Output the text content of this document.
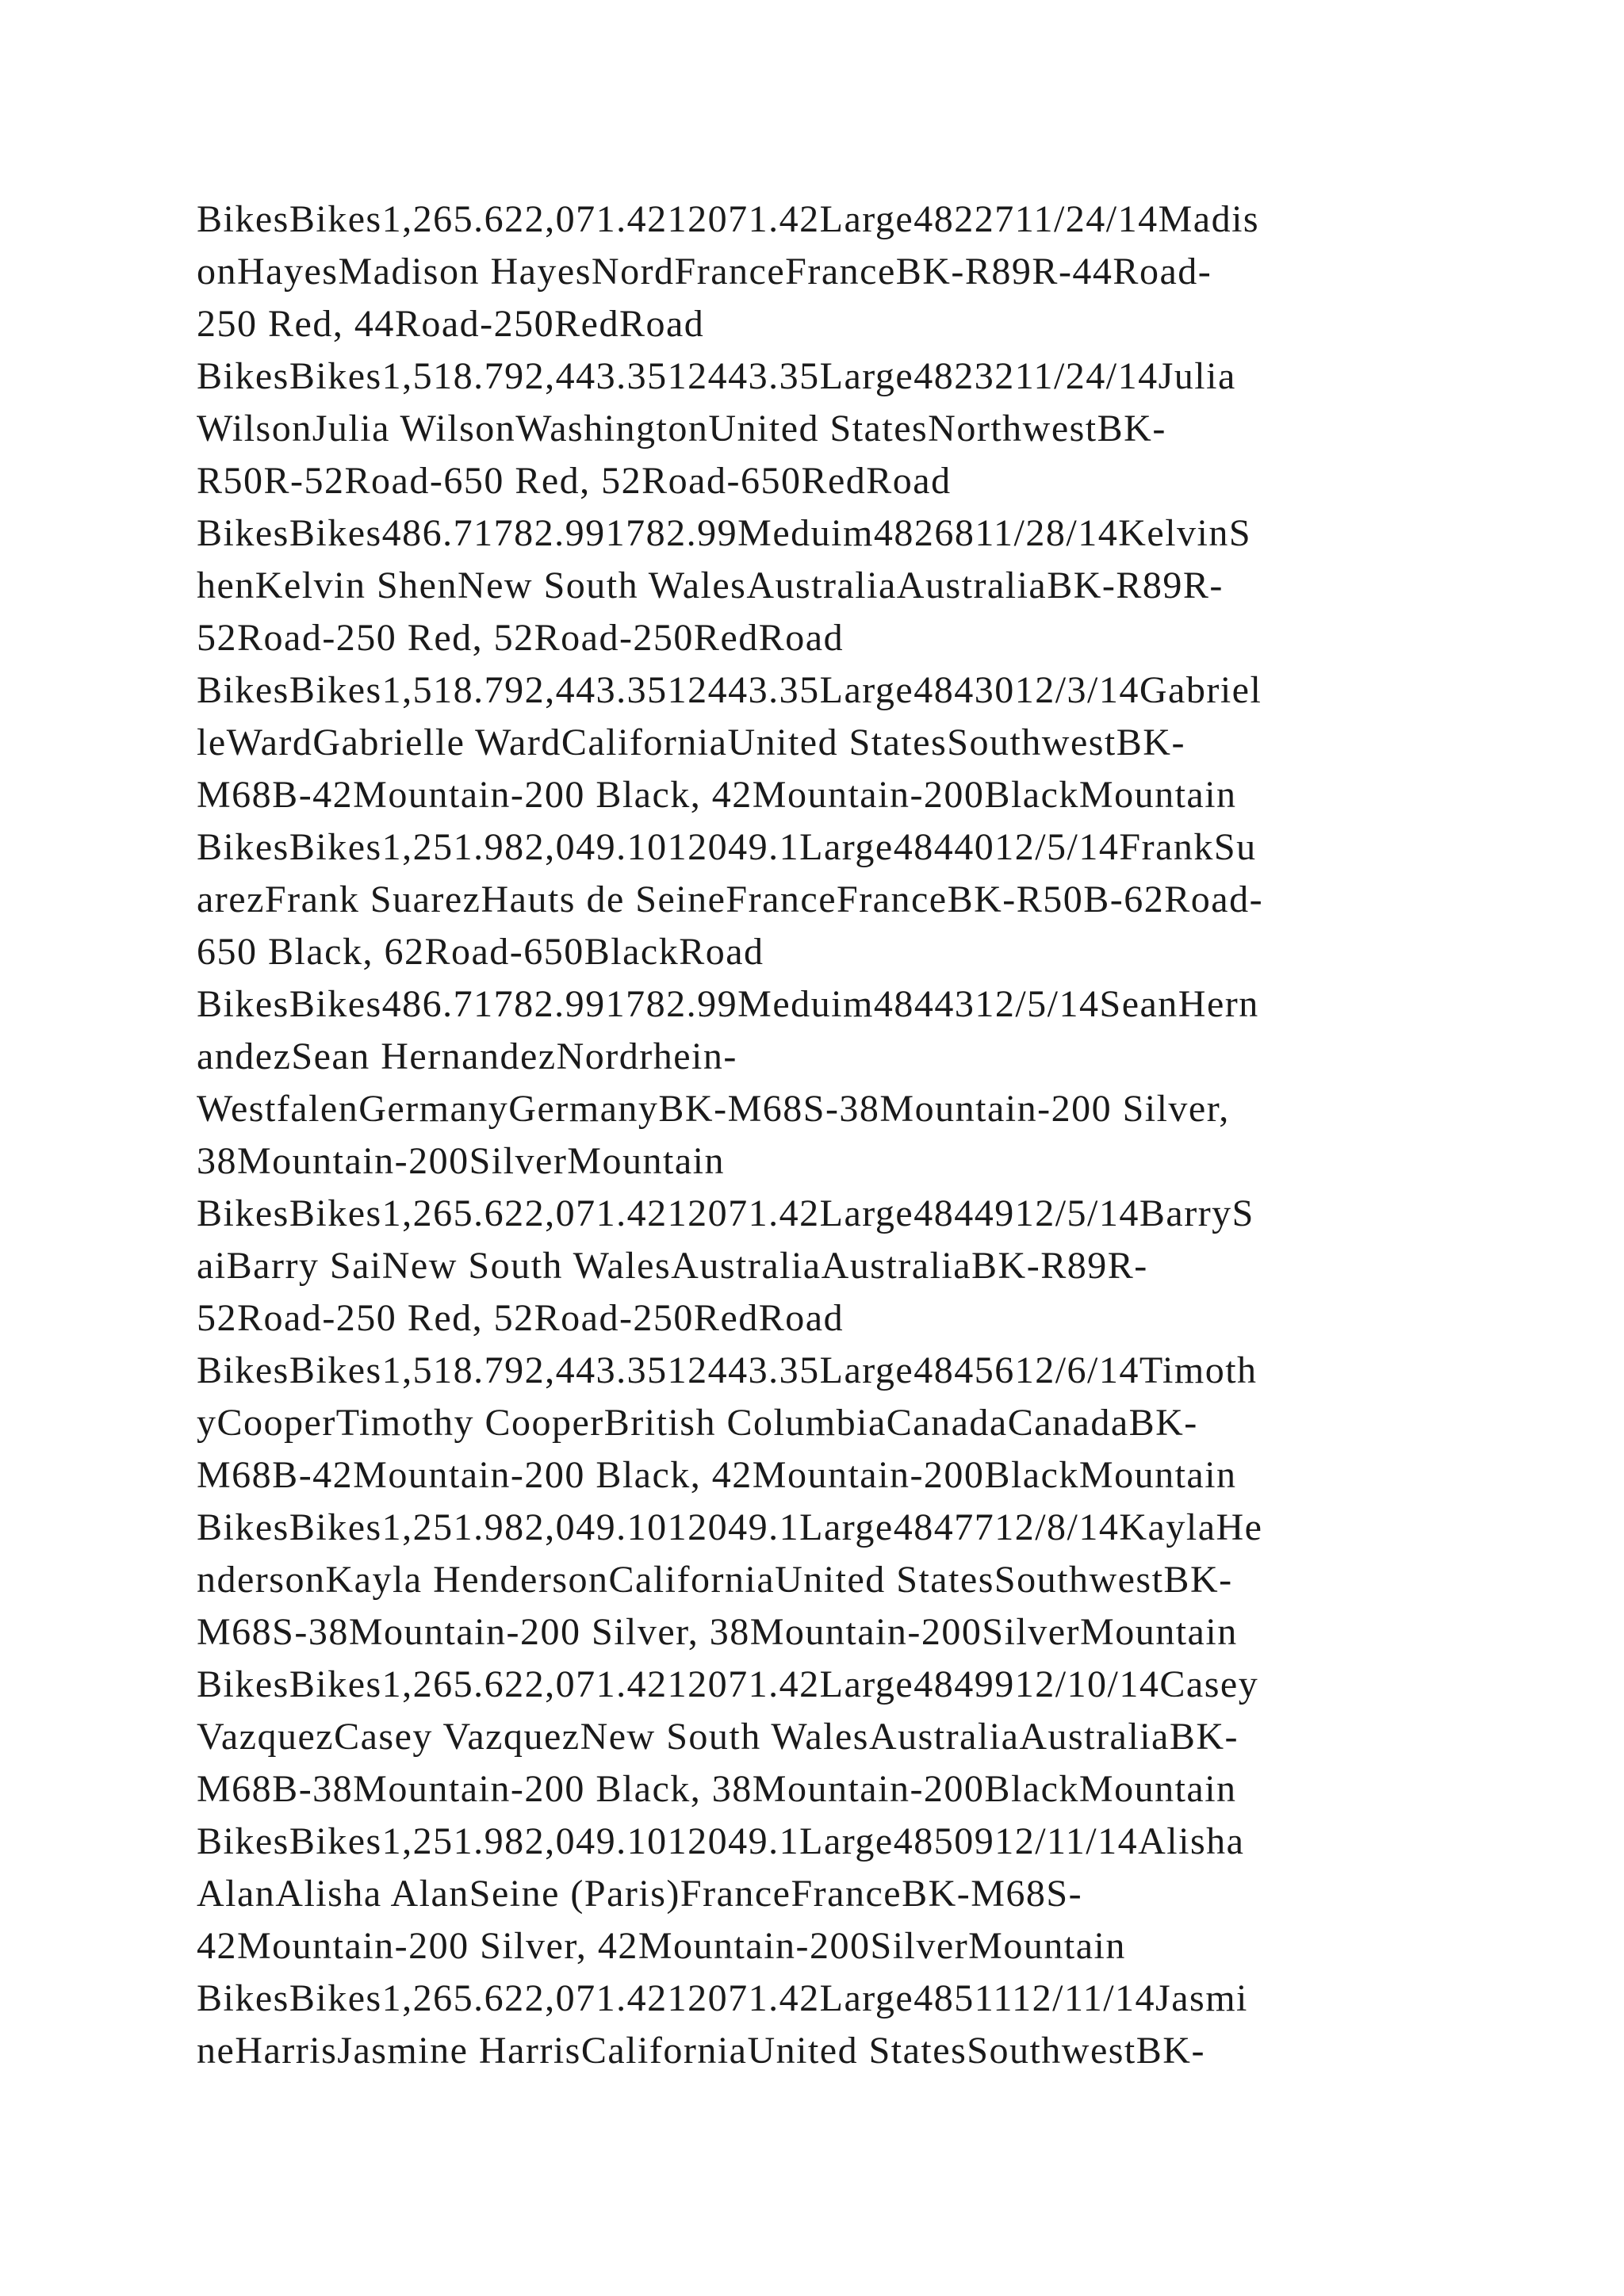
BikesBikes1,265.622,071.4212071.42Large4822711/24/14Madis
onHayesMadison HayesNordFranceFranceBK-R89R-44Road-
250 Red, 44Road-250RedRoad
BikesBikes1,518.792,443.3512443.35Large4823211/24/14Julia
WilsonJulia WilsonWashingtonUnited StatesNorthwestBK-
R50R-52Road-650 Red, 52Road-650RedRoad
BikesBikes486.71782.991782.99Meduim4826811/28/14KelvinS
henKelvin ShenNew South WalesAustraliaAustraliaBK-R89R-
52Road-250 Red, 52Road-250RedRoad
BikesBikes1,518.792,443.3512443.35Large4843012/3/14Gabriel
leWardGabrielle WardCaliforniaUnited StatesSouthwestBK-
M68B-42Mountain-200 Black, 42Mountain-200BlackMountain
BikesBikes1,251.982,049.1012049.1Large4844012/5/14FrankSu
arezFrank SuarezHauts de SeineFranceFranceBK-R50B-62Road-
650 Black, 62Road-650BlackRoad
BikesBikes486.71782.991782.99Meduim4844312/5/14SeanHern
andezSean HernandezNordrhein-
WestfalenGermanyGermanyBK-M68S-38Mountain-200 Silver,
38Mountain-200SilverMountain
BikesBikes1,265.622,071.4212071.42Large4844912/5/14BarryS
aiBarry SaiNew South WalesAustraliaAustraliaBK-R89R-
52Road-250 Red, 52Road-250RedRoad
BikesBikes1,518.792,443.3512443.35Large4845612/6/14Timoth
yCooperTimothy CooperBritish ColumbiaCanadaCanadaBK-
M68B-42Mountain-200 Black, 42Mountain-200BlackMountain
BikesBikes1,251.982,049.1012049.1Large4847712/8/14KaylaHe
ndersonKayla HendersonCaliforniaUnited StatesSouthwestBK-
M68S-38Mountain-200 Silver, 38Mountain-200SilverMountain
BikesBikes1,265.622,071.4212071.42Large4849912/10/14Casey
VazquezCasey VazquezNew South WalesAustraliaAustraliaBK-
M68B-38Mountain-200 Black, 38Mountain-200BlackMountain
BikesBikes1,251.982,049.1012049.1Large4850912/11/14Alisha
AlanAlisha AlanSeine (Paris)FranceFranceBK-M68S-
42Mountain-200 Silver, 42Mountain-200SilverMountain
BikesBikes1,265.622,071.4212071.42Large4851112/11/14Jasmi
neHarrisJasmine HarrisCaliforniaUnited StatesSouthwestBK-
